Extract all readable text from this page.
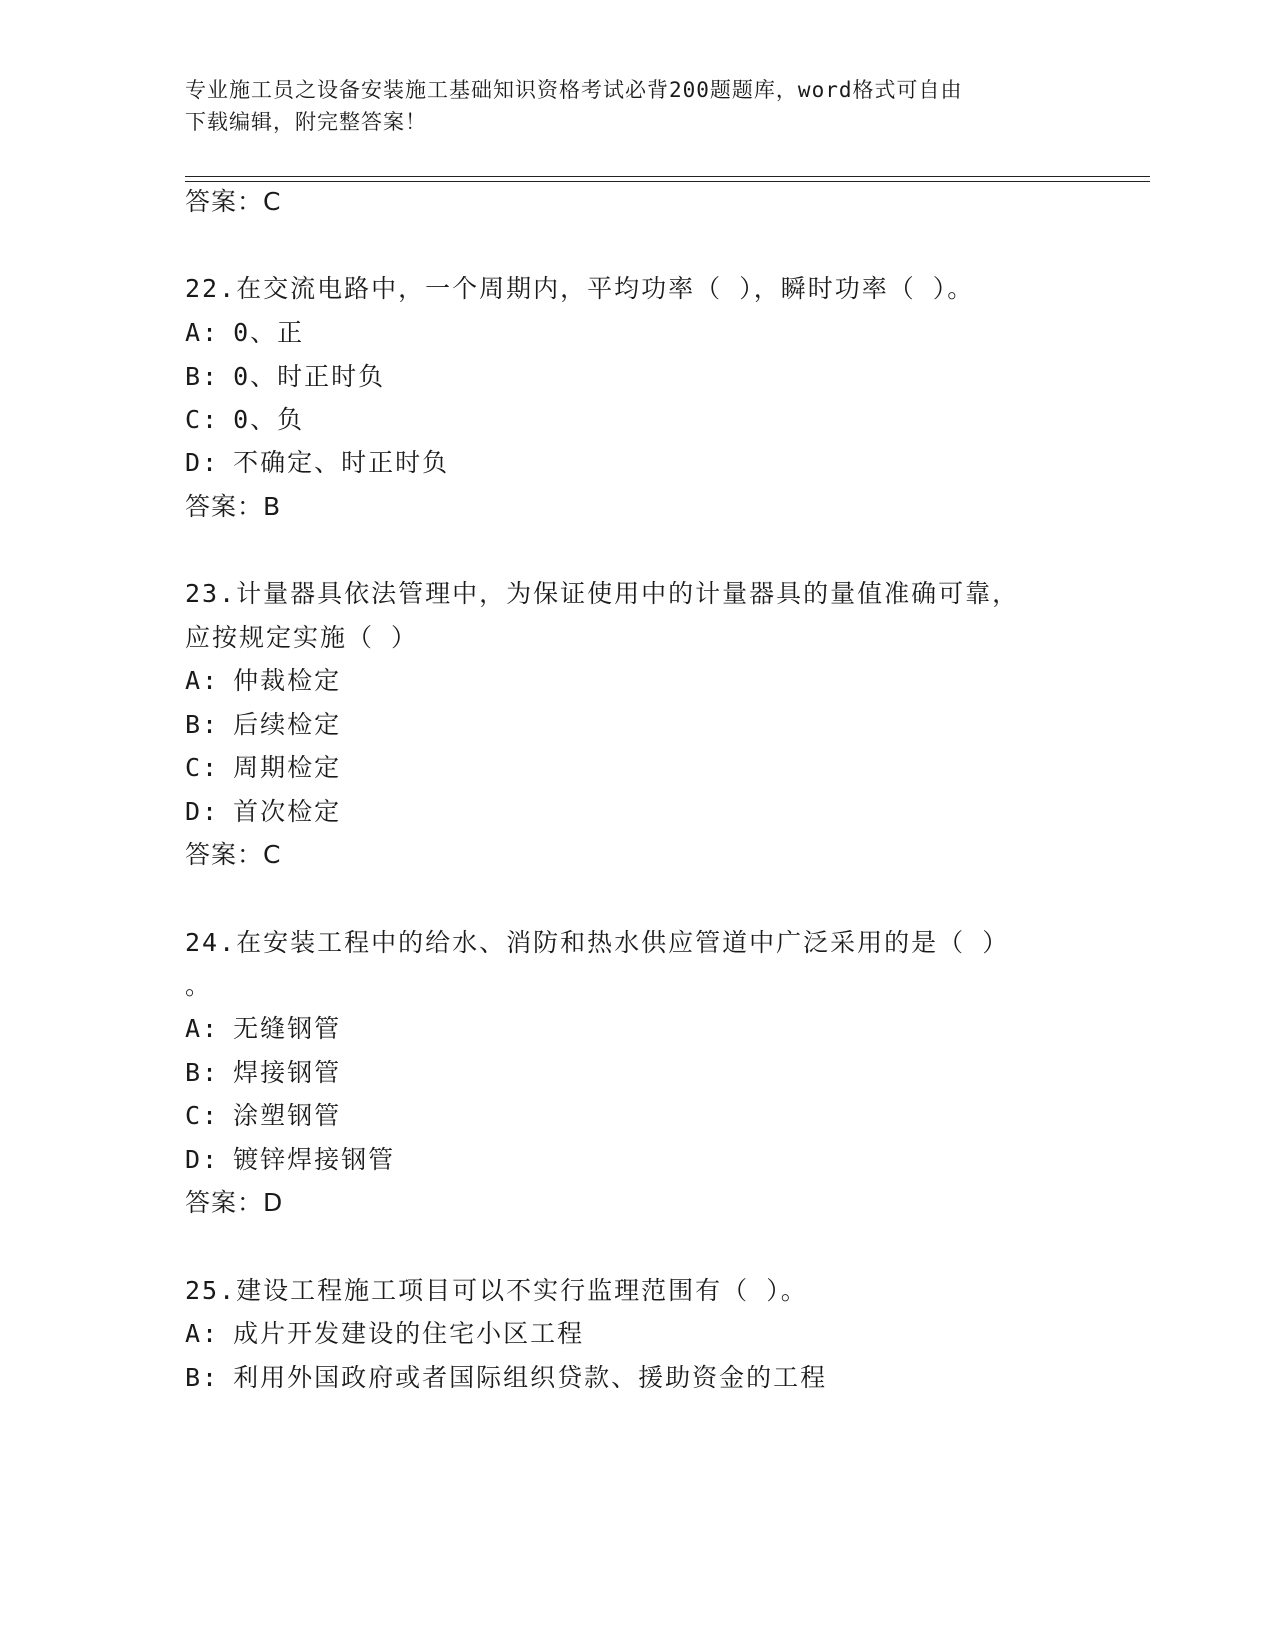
专业施工员之设备安装施工基础知识资格考试必背200题题库，word格式可自由
下载编辑，附完整答案！
答案：C
22.在交流电路中，一个周期内，平均功率（ ），瞬时功率（ ）。
A: 0、正
B: 0、时正时负
C: 0、负
D: 不确定、时正时负
答案：B
23.计量器具依法管理中，为保证使用中的计量器具的量值准确可靠，
应按规定实施（ ）
A: 仲裁检定
B: 后续检定
C: 周期检定
D: 首次检定
答案：C
24.在安装工程中的给水、消防和热水供应管道中广泛采用的是（ ）
。
A: 无缝钢管
B: 焊接钢管
C: 涂塑钢管
D: 镀锌焊接钢管
答案：D
25.建设工程施工项目可以不实行监理范围有（ ）。
A: 成片开发建设的住宅小区工程
B: 利用外国政府或者国际组织贷款、援助资金的工程
